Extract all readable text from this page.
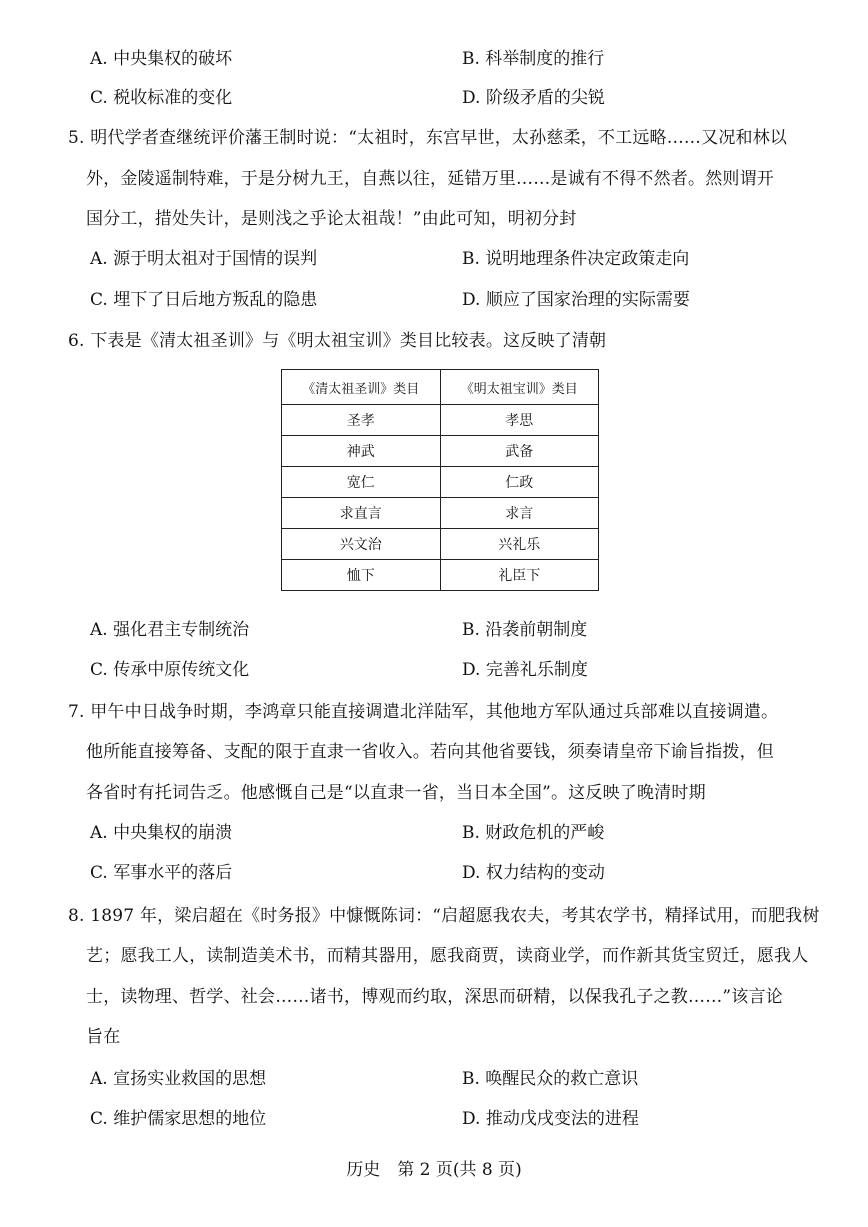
A. 中央集权的破坏	B. 科举制度的推行
C. 税收标准的变化	D. 阶级矛盾的尖锐
5. 明代学者查继统评价藩王制时说：“太祖时，东宫早世，太孙慈柔，不工远略……又况和林以
外，金陵遥制特难，于是分树九王，自燕以往，延错万里……是诚有不得不然者。然则谓开
国分工，措处失计，是则浅之乎论太祖哉！”由此可知，明初分封
A. 源于明太祖对于国情的误判	B. 说明地理条件决定政策走向
C. 埋下了日后地方叛乱的隐患	D. 顺应了国家治理的实际需要
6. 下表是《清太祖圣训》与《明太祖宝训》类目比较表。这反映了清朝
《清太祖圣训》类目	《明太祖宝训》类目
圣孝	孝思
神武	武备
宽仁	仁政
求直言	求言
兴文治	兴礼乐
恤下	礼臣下
A. 强化君主专制统治	B. 沿袭前朝制度
C. 传承中原传统文化	D. 完善礼乐制度
7. 甲午中日战争时期，李鸿章只能直接调遣北洋陆军，其他地方军队通过兵部难以直接调遣。
他所能直接筹备、支配的限于直隶一省收入。若向其他省要钱，须奏请皇帝下谕旨指拨，但
各省时有托词告乏。他感慨自己是“以直隶一省，当日本全国”。这反映了晚清时期
A. 中央集权的崩溃	B. 财政危机的严峻
C. 军事水平的落后	D. 权力结构的变动
8. 1897 年，梁启超在《时务报》中慷慨陈词：“启超愿我农夫，考其农学书，精择试用，而肥我树
艺；愿我工人，读制造美术书，而精其器用，愿我商贾，读商业学，而作新其货宝贸迁，愿我人
士，读物理、哲学、社会……诸书，博观而约取，深思而研精，以保我孔子之教……”该言论
旨在
A. 宣扬实业救国的思想	B. 唤醒民众的救亡意识
C. 维护儒家思想的地位	D. 推动戊戌变法的进程
历史　第 2 页(共 8 页)
